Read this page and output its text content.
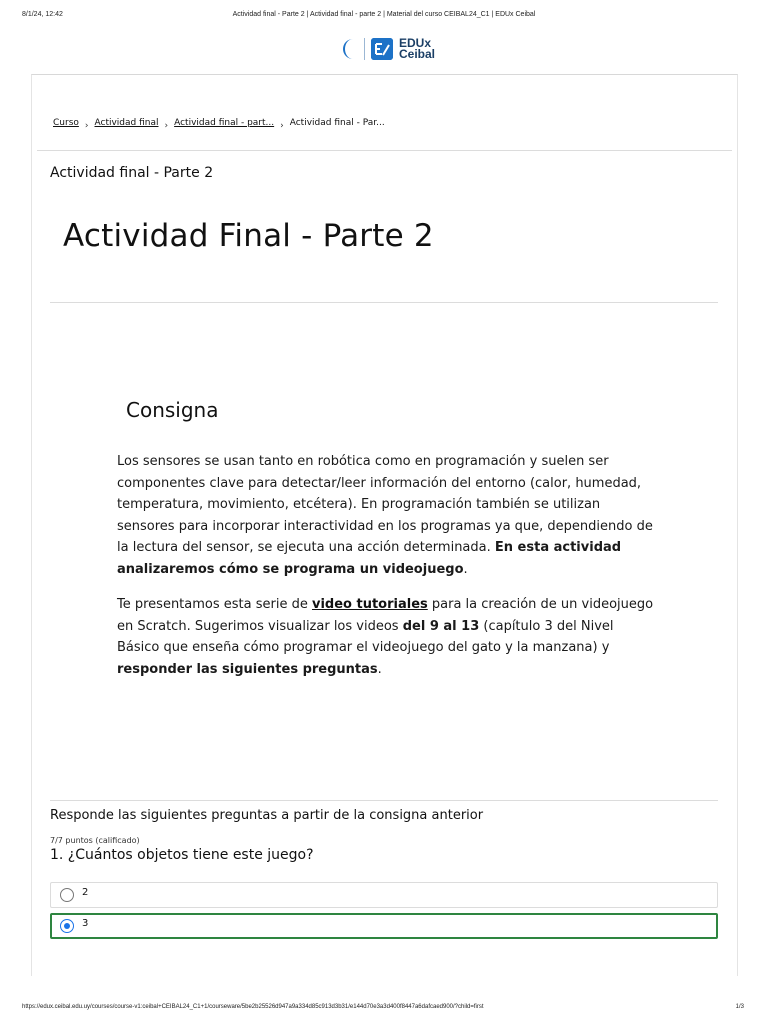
8/1/24, 12:42	Actividad final - Parte 2 | Actividad final - parte 2 | Material del curso CEIBAL24_C1 | EDUx Ceibal
EDUx
Ceibal
Curso › Actividad final › Actividad final - part... › Actividad final - Par...
Actividad final - Parte 2
Actividad Final - Parte 2
Consigna

Los sensores se usan tanto en robótica como en programación y suelen ser componentes clave para detectar/leer información del entorno (calor, humedad, temperatura, movimiento, etcétera). En programación también se utilizan sensores para incorporar interactividad en los programas ya que, dependiendo de la lectura del sensor, se ejecuta una acción determinada. En esta actividad analizaremos cómo se programa un videojuego.

Te presentamos esta serie de video tutoriales para la creación de un videojuego en Scratch. Sugerimos visualizar los videos del 9 al 13 (capítulo 3 del Nivel Básico que enseña cómo programar el videojuego del gato y la manzana) y responder las siguientes preguntas.

Responde las siguientes preguntas a partir de la consigna anterior
7/7 puntos (calificado)
1. ¿Cuántos objetos tiene este juego?
2
3
https://edux.ceibal.edu.uy/courses/course-v1:ceibal+CEIBAL24_C1+1/courseware/5be2b25526d947a9a334d85c913d3b31/e144d70e3a3d400f8447a6dafcaed900/?child=first	1/3
